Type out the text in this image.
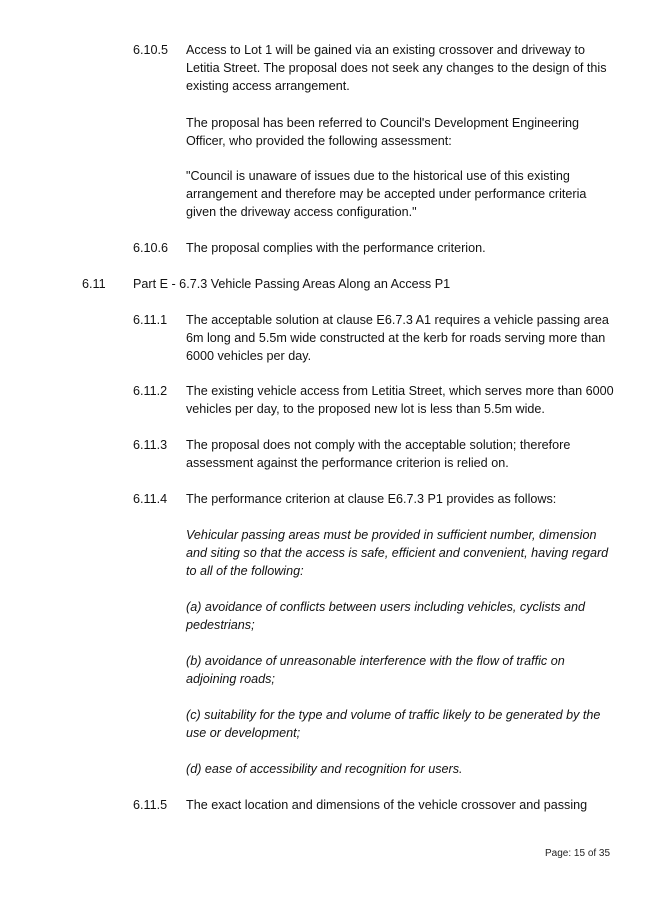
6.10.5 Access to Lot 1 will be gained via an existing crossover and driveway to Letitia Street. The proposal does not seek any changes to the design of this existing access arrangement.
The proposal has been referred to Council's Development Engineering Officer, who provided the following assessment:
"Council is unaware of issues due to the historical use of this existing arrangement and therefore may be accepted under performance criteria given the driveway access configuration."
6.10.6 The proposal complies with the performance criterion.
6.11 Part E - 6.7.3 Vehicle Passing Areas Along an Access P1
6.11.1 The acceptable solution at clause E6.7.3 A1 requires a vehicle passing area 6m long and 5.5m wide constructed at the kerb for roads serving more than 6000 vehicles per day.
6.11.2 The existing vehicle access from Letitia Street, which serves more than 6000 vehicles per day, to the proposed new lot is less than 5.5m wide.
6.11.3 The proposal does not comply with the acceptable solution; therefore assessment against the performance criterion is relied on.
6.11.4 The performance criterion at clause E6.7.3 P1 provides as follows:
Vehicular passing areas must be provided in sufficient number, dimension and siting so that the access is safe, efficient and convenient, having regard to all of the following:
(a) avoidance of conflicts between users including vehicles, cyclists and pedestrians;
(b) avoidance of unreasonable interference with the flow of traffic on adjoining roads;
(c) suitability for the type and volume of traffic likely to be generated by the use or development;
(d) ease of accessibility and recognition for users.
6.11.5 The exact location and dimensions of the vehicle crossover and passing
Page: 15 of 35
